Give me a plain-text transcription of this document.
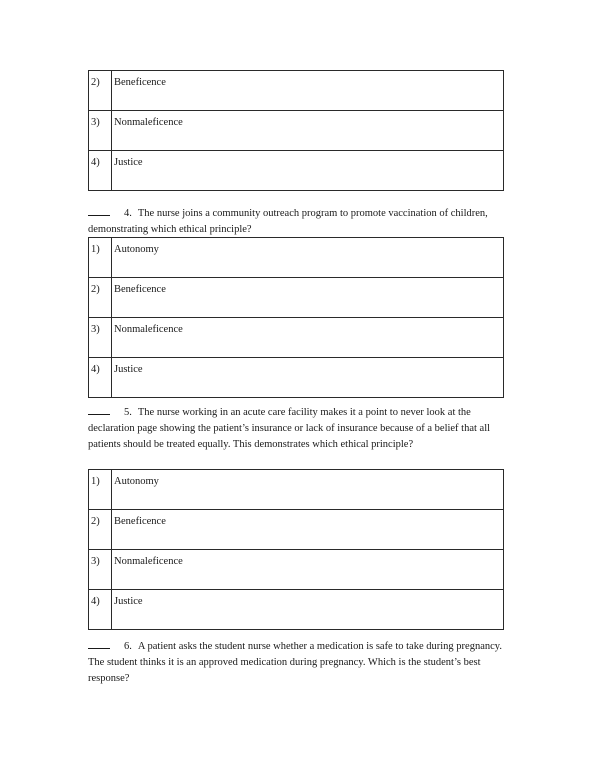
2)	Beneficence
3)	Nonmaleficence
4)	Justice
4. The nurse joins a community outreach program to promote vaccination of children, demonstrating which ethical principle?
1)	Autonomy
2)	Beneficence
3)	Nonmaleficence
4)	Justice
5. The nurse working in an acute care facility makes it a point to never look at the declaration page showing the patient’s insurance or lack of insurance because of a belief that all patients should be treated equally. This demonstrates which ethical principle?
1)	Autonomy
2)	Beneficence
3)	Nonmaleficence
4)	Justice
6. A patient asks the student nurse whether a medication is safe to take during pregnancy. The student thinks it is an approved medication during pregnancy. Which is the student’s best response?
